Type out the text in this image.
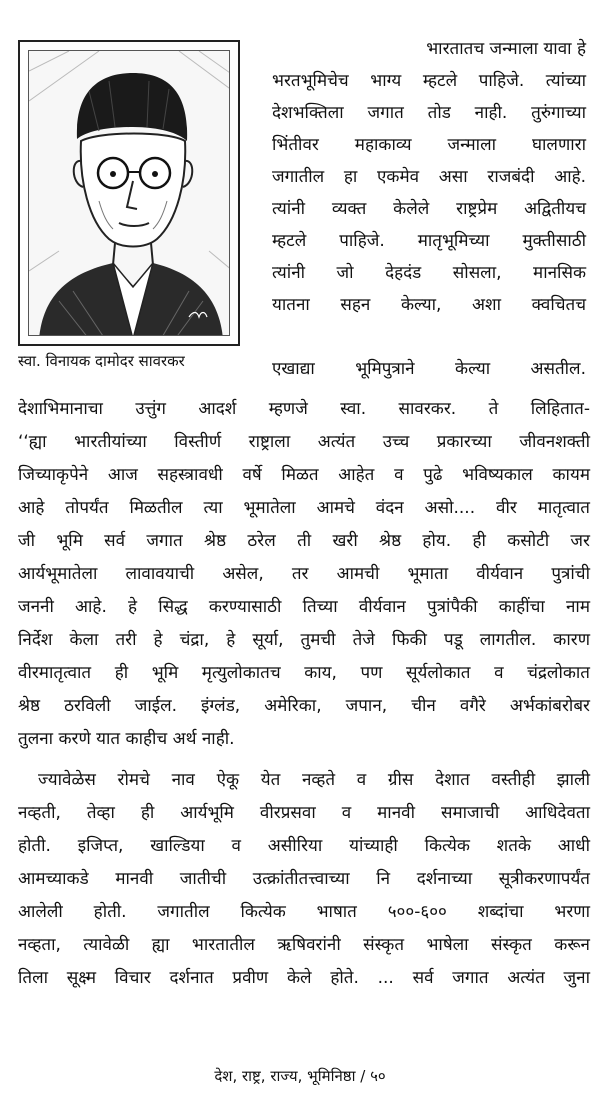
स्वा. विनायक दामोदर सावरकर
भारतातच जन्माला यावा हे
भरतभूमिचेच भाग्य म्हटले पाहिजे. त्यांच्या
देशभक्तिला जगात तोड नाही. तुरुंगाच्या
भिंतीवर महाकाव्य जन्माला घालणारा
जगातील हा एकमेव असा राजबंदी आहे.
त्यांनी व्यक्त केलेले राष्ट्रप्रेम अद्वितीयच
म्हटले पाहिजे. मातृभूमिच्या मुक्तीसाठी
त्यांनी जो देहदंड सोसला, मानसिक
यातना सहन केल्या, अशा क्वचितच
एखाद्या भूमिपुत्राने केल्या असतील.
देशाभिमानाचा उत्तुंग आदर्श म्हणजे स्वा. सावरकर. ते लिहितात-
‘‘ह्या भारतीयांच्या विस्तीर्ण राष्ट्राला अत्यंत उच्च प्रकारच्या जीवनशक्ती
जिच्याकृपेने आज सहस्त्रावधी वर्षे मिळत आहेत व पुढे भविष्यकाल कायम
आहे तोपर्यंत मिळतील त्या भूमातेला आमचे वंदन असो.... वीर मातृत्वात
जी भूमि सर्व जगात श्रेष्ठ ठरेल ती खरी श्रेष्ठ होय. ही कसोटी जर
आर्यभूमातेला लावावयाची असेल, तर आमची भूमाता वीर्यवान पुत्रांची
जननी आहे. हे सिद्ध करण्यासाठी तिच्या वीर्यवान पुत्रांपैकी काहींचा नाम
निर्देश केला तरी हे चंद्रा, हे सूर्या, तुमची तेजे फिकी पडू लागतील. कारण
वीरमातृत्वात ही भूमि मृत्युलोकातच काय, पण सूर्यलोकात व चंद्रलोकात
श्रेष्ठ ठरविली जाईल. इंग्लंड, अमेरिका, जपान, चीन वगैरे अर्भकांबरोबर
तुलना करणे यात काहीच अर्थ नाही.
ज्यावेळेस रोमचे नाव ऐकू येत नव्हते व ग्रीस देशात वस्तीही झाली
नव्हती, तेव्हा ही आर्यभूमि वीरप्रसवा व मानवी समाजाची आधिदेवता
होती. इजिप्त, खाल्डिया व असीरिया यांच्याही कित्येक शतके आधी
आमच्याकडे मानवी जातीची उत्क्रांतीतत्त्वाच्या नि दर्शनाच्या सूत्रीकरणापर्यंत
आलेली होती. जगातील कित्येक भाषात ५००-६०० शब्दांचा भरणा
नव्हता, त्यावेळी ह्या भारतातील ऋषिवरांनी संस्कृत भाषेला संस्कृत करून
तिला सूक्ष्म विचार दर्शनात प्रवीण केले होते. ... सर्व जगात अत्यंत जुना
देश, राष्ट्र, राज्य, भूमिनिष्ठा / ५०
